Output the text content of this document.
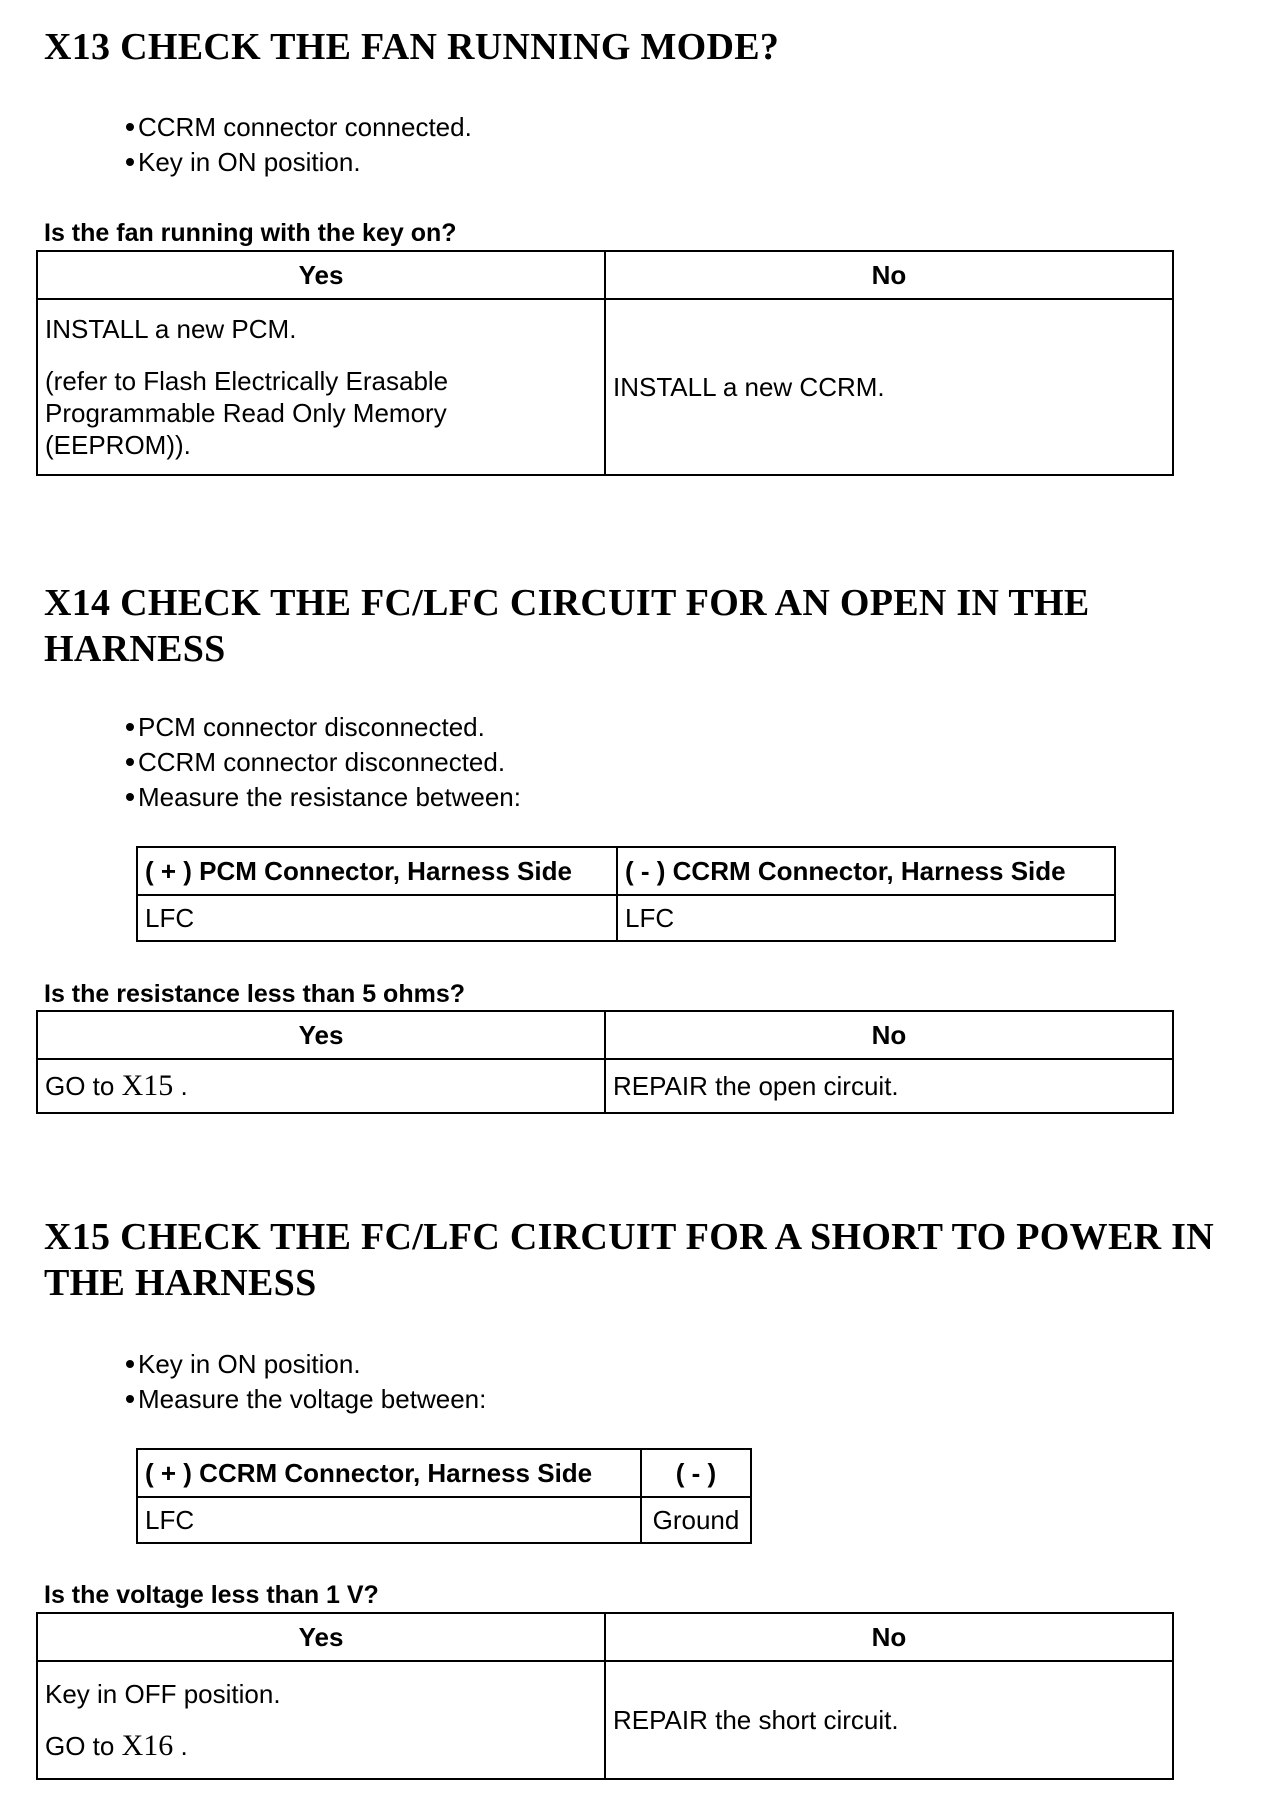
X13 CHECK THE FAN RUNNING MODE?
CCRM connector connected.
Key in ON position.

Is the fan running with the key on?

Yes	No
INSTALL a new PCM.
(refer to Flash Electrically Erasable Programmable Read Only Memory (EEPROM)).	INSTALL a new CCRM.
X14 CHECK THE FC/LFC CIRCUIT FOR AN OPEN IN THE
HARNESS
PCM connector disconnected.
CCRM connector disconnected.
Measure the resistance between:
( + ) PCM Connector, Harness Side	( - ) CCRM Connector, Harness Side
LFC	LFC

Is the resistance less than 5 ohms?

Yes	No
GO to X15 .	REPAIR the open circuit.
X15 CHECK THE FC/LFC CIRCUIT FOR A SHORT TO POWER IN
THE HARNESS
Key in ON position.
Measure the voltage between:
( + ) CCRM Connector, Harness Side	( - )
LFC	Ground

Is the voltage less than 1 V?

Yes	No
Key in OFF position.
GO to X16 .	REPAIR the short circuit.
